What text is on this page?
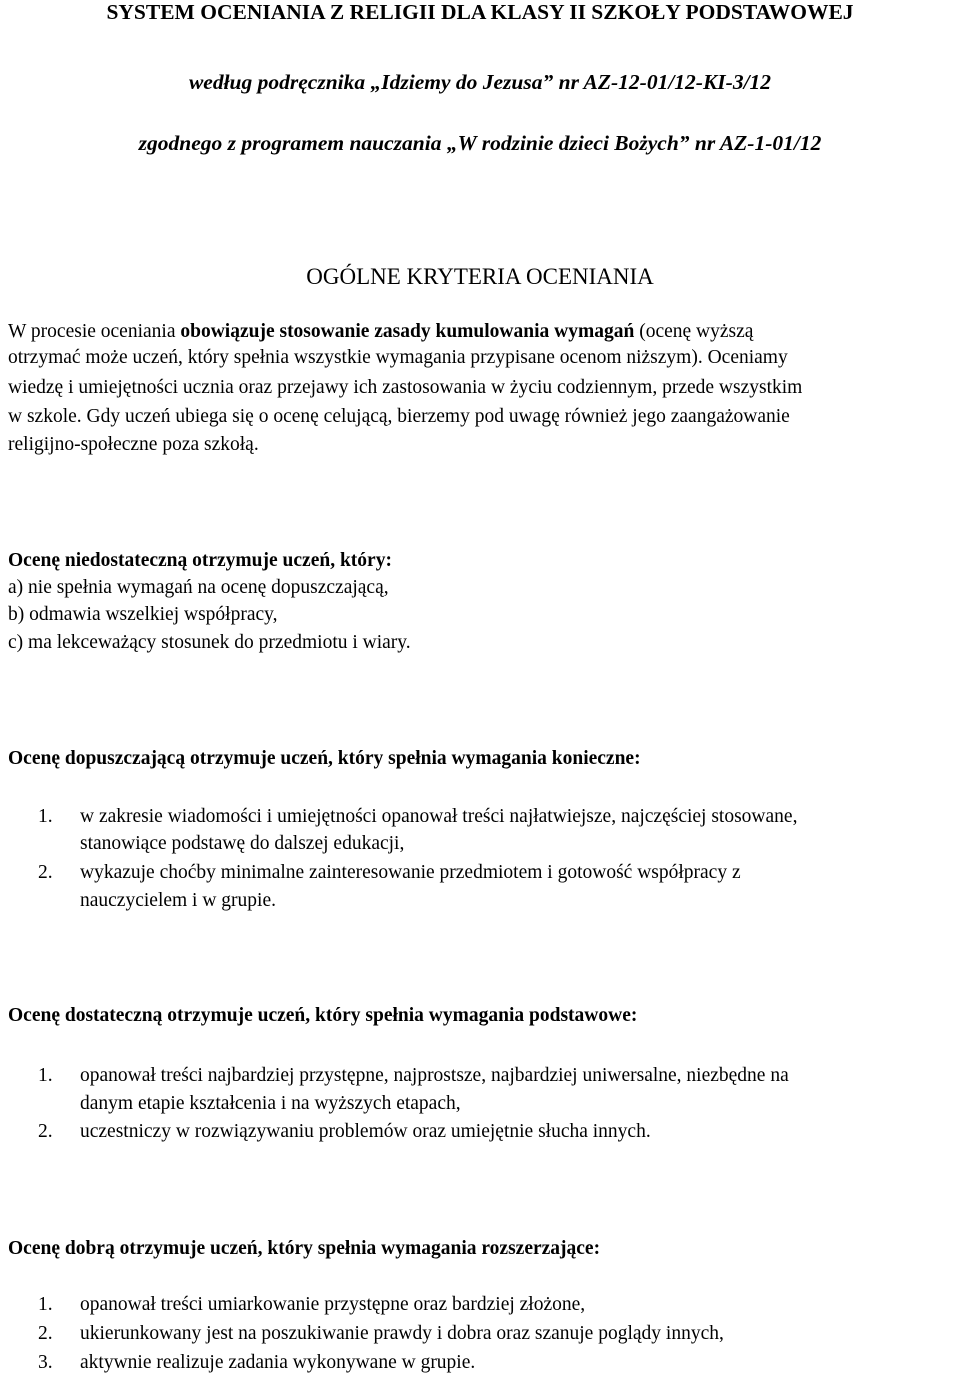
SYSTEM OCENIANIA Z RELIGII DLA KLASY II SZKOŁY PODSTAWOWEJ
według podręcznika „Idziemy do Jezusa” nr AZ-12-01/12-KI-3/12
zgodnego z programem nauczania „W rodzinie dzieci Bożych” nr AZ-1-01/12
OGÓLNE KRYTERIA OCENIANIA
W procesie oceniania obowiązuje stosowanie zasady kumulowania wymagań (ocenę wyższą
otrzymać może uczeń, który spełnia wszystkie wymagania przypisane ocenom niższym). Oceniamy
wiedzę i umiejętności ucznia oraz przejawy ich zastosowania w życiu codziennym, przede wszystkim
w szkole. Gdy uczeń ubiega się o ocenę celującą, bierzemy pod uwagę również jego zaangażowanie
religijno-społeczne poza szkołą.
Ocenę niedostateczną otrzymuje uczeń, który:
a) nie spełnia wymagań na ocenę dopuszczającą,
b) odmawia wszelkiej współpracy,
c) ma lekceważący stosunek do przedmiotu i wiary.
Ocenę dopuszczającą otrzymuje uczeń, który spełnia wymagania konieczne:
1. w zakresie wiadomości i umiejętności opanował treści najłatwiejsze, najczęściej stosowane,
stanowiące podstawę do dalszej edukacji,
2. wykazuje choćby minimalne zainteresowanie przedmiotem i gotowość współpracy z
nauczycielem i w grupie.
Ocenę dostateczną otrzymuje uczeń, który spełnia wymagania podstawowe:
1. opanował treści najbardziej przystępne, najprostsze, najbardziej uniwersalne, niezbędne na
danym etapie kształcenia i na wyższych etapach,
2. uczestniczy w rozwiązywaniu problemów oraz umiejętnie słucha innych.
Ocenę dobrą otrzymuje uczeń, który spełnia wymagania rozszerzające:
1. opanował treści umiarkowanie przystępne oraz bardziej złożone,
2. ukierunkowany jest na poszukiwanie prawdy i dobra oraz szanuje poglądy innych,
3. aktywnie realizuje zadania wykonywane w grupie.
